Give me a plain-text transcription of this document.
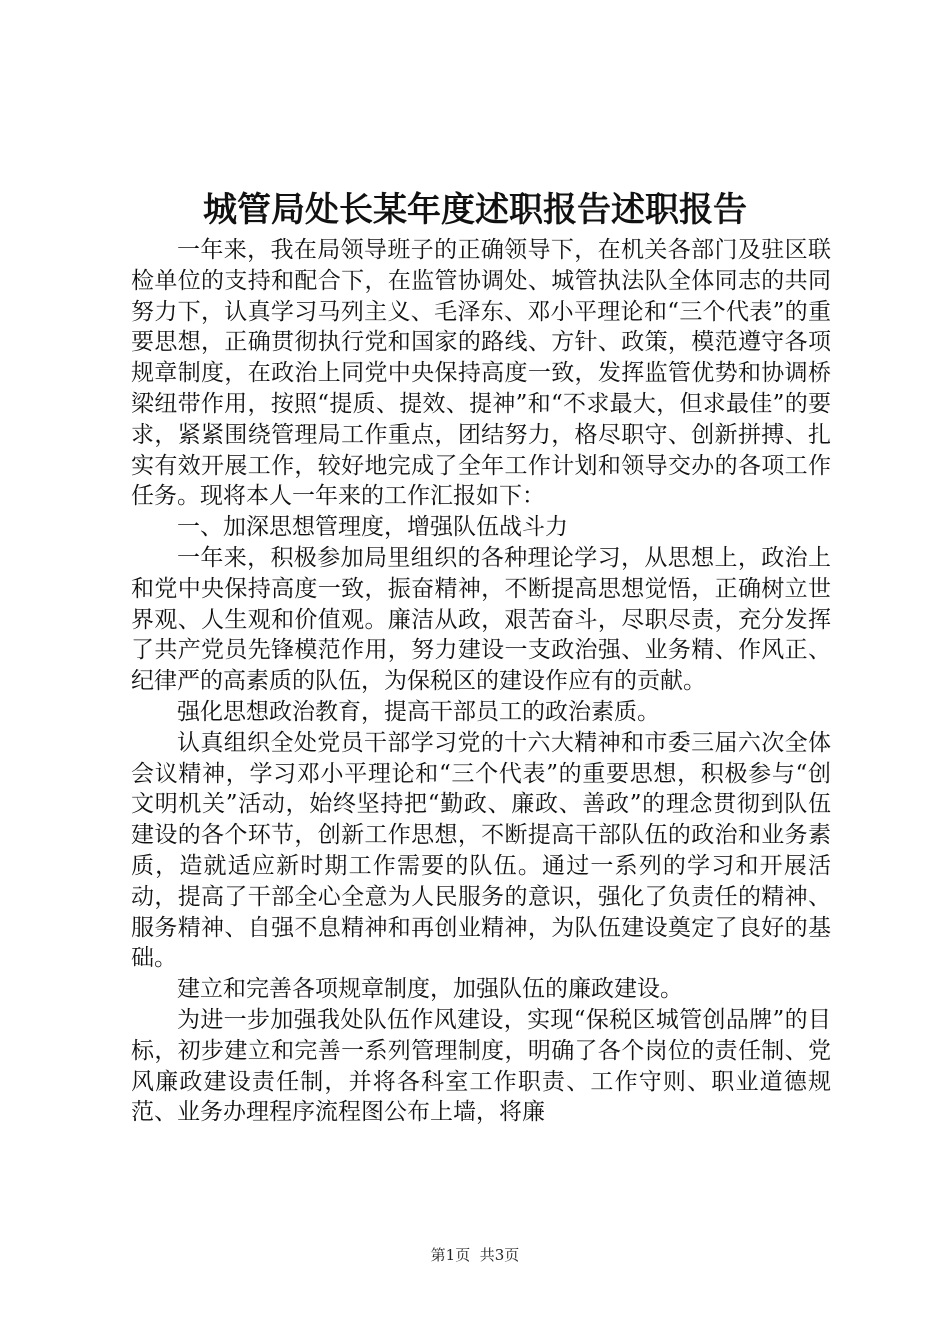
城管局处长某年度述职报告述职报告

一年来，我在局领导班子的正确领导下，在机关各部门及驻区联检单位的支持和配合下，在监管协调处、城管执法队全体同志的共同努力下，认真学习马列主义、毛泽东、邓小平理论和“三个代表”的重要思想，正确贯彻执行党和国家的路线、方针、政策，模范遵守各项规章制度，在政治上同党中央保持高度一致，发挥监管优势和协调桥梁纽带作用，按照“提质、提效、提神”和“不求最大，但求最佳”的要求，紧紧围绕管理局工作重点，团结努力，格尽职守、创新拼搏、扎实有效开展工作，较好地完成了全年工作计划和领导交办的各项工作任务。现将本人一年来的工作汇报如下：

一、加深思想管理度，增强队伍战斗力

一年来，积极参加局里组织的各种理论学习，从思想上，政治上和党中央保持高度一致，振奋精神，不断提高思想觉悟，正确树立世界观、人生观和价值观。廉洁从政，艰苦奋斗，尽职尽责，充分发挥了共产党员先锋模范作用，努力建设一支政治强、业务精、作风正、纪律严的高素质的队伍，为保税区的建设作应有的贡献。

强化思想政治教育，提高干部员工的政治素质。

认真组织全处党员干部学习党的十六大精神和市委三届六次全体会议精神，学习邓小平理论和“三个代表”的重要思想，积极参与“创文明机关”活动，始终坚持把“勤政、廉政、善政”的理念贯彻到队伍建设的各个环节，创新工作思想，不断提高干部队伍的政治和业务素质，造就适应新时期工作需要的队伍。通过一系列的学习和开展活动，提高了干部全心全意为人民服务的意识，强化了负责任的精神、服务精神、自强不息精神和再创业精神，为队伍建设奠定了良好的基础。

建立和完善各项规章制度，加强队伍的廉政建设。

为进一步加强我处队伍作风建设，实现“保税区城管创品牌”的目标，初步建立和完善一系列管理制度，明确了各个岗位的责任制、党风廉政建设责任制，并将各科室工作职责、工作守则、职业道德规范、业务办理程序流程图公布上墙，将廉

第1页 共3页
